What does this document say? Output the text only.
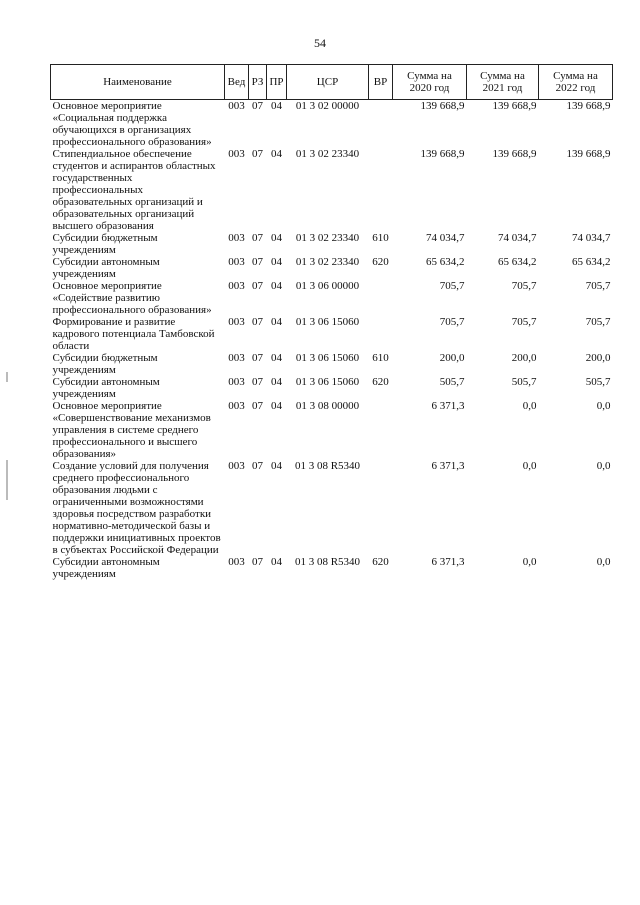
54
Наименование	Вед	РЗ	ПР	ЦСР	ВР	Сумма на 2020 год	Сумма на 2021 год	Сумма на 2022 год
Основное мероприятие «Социальная поддержка обучающихся в организациях профессионального образования»	003	07	04	01 3 02 00000		139 668,9	139 668,9	139 668,9
Стипендиальное обеспечение студентов и аспирантов областных государственных профессиональных образовательных организаций и образовательных организаций высшего образования	003	07	04	01 3 02 23340		139 668,9	139 668,9	139 668,9
Субсидии бюджетным учреждениям	003	07	04	01 3 02 23340	610	74 034,7	74 034,7	74 034,7
Субсидии автономным учреждениям	003	07	04	01 3 02 23340	620	65 634,2	65 634,2	65 634,2
Основное мероприятие «Содействие развитию профессионального образования»	003	07	04	01 3 06 00000		705,7	705,7	705,7
Формирование и развитие кадрового потенциала Тамбовской области	003	07	04	01 3 06 15060		705,7	705,7	705,7
Субсидии бюджетным учреждениям	003	07	04	01 3 06 15060	610	200,0	200,0	200,0
Субсидии автономным учреждениям	003	07	04	01 3 06 15060	620	505,7	505,7	505,7
Основное мероприятие «Совершенствование механизмов управления в системе среднего профессионального и высшего образования»	003	07	04	01 3 08 00000		6 371,3	0,0	0,0
Создание условий для получения среднего профессионального образования людьми с ограниченными возможностями здоровья посредством разработки нормативно-методической базы и поддержки инициативных проектов в субъектах Российской Федерации	003	07	04	01 3 08 R5340		6 371,3	0,0	0,0
Субсидии автономным учреждениям	003	07	04	01 3 08 R5340	620	6 371,3	0,0	0,0
